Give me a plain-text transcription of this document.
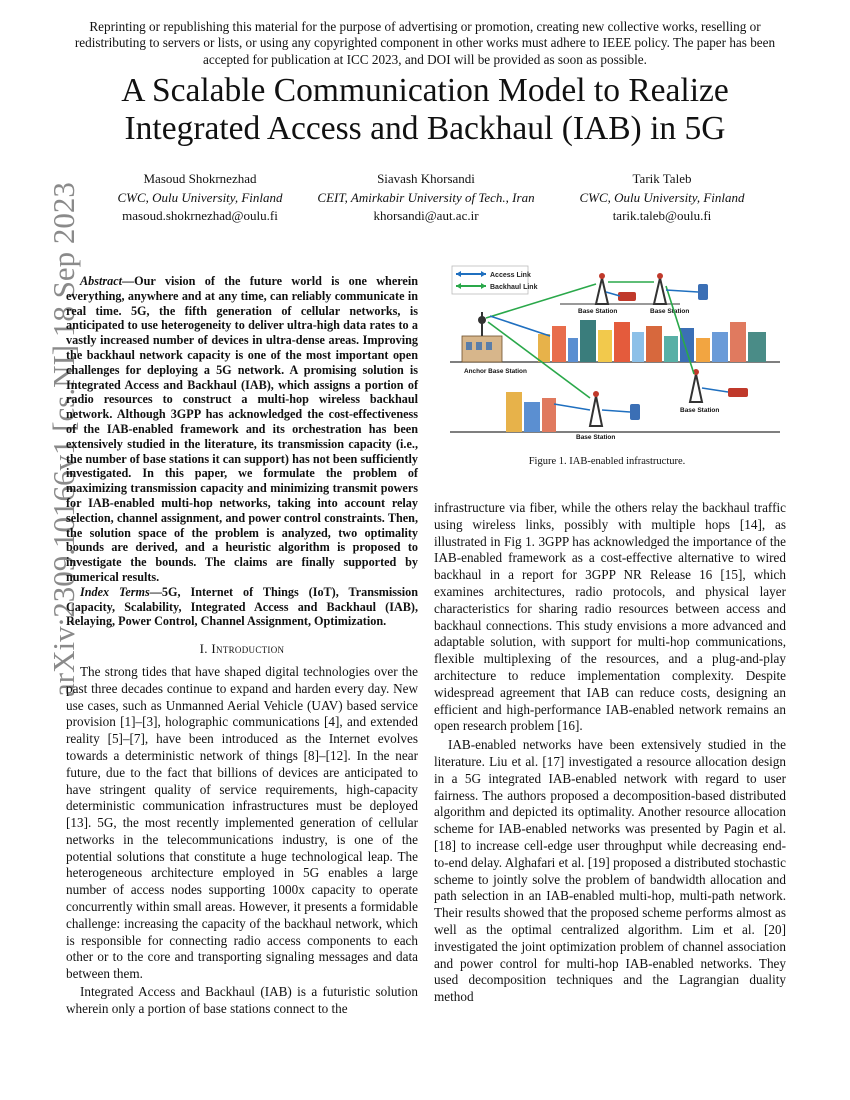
Reprinting or republishing this material for the purpose of advertising or promotion, creating new collective works, reselling or redistributing to servers or lists, or using any copyrighted component in other works must adhere to IEEE policy. The paper has been accepted for publication at ICC 2023, and DOI will be provided as soon as possible.
A Scalable Communication Model to Realize
Integrated Access and Backhaul (IAB) in 5G
Masoud Shokrnezhad
CWC, Oulu University, Finland
masoud.shokrnezhad@oulu.fi
Siavash Khorsandi
CEIT, Amirkabir University of Tech., Iran
khorsandi@aut.ac.ir
Tarik Taleb
CWC, Oulu University, Finland
tarik.taleb@oulu.fi
arXiv:2309.10166v1 [cs.NI] 18 Sep 2023 Abstract—Our vision of the future world is one wherein everything, anywhere and at any time, can reliably communicate in real time. 5G, the fifth generation of cellular networks, is anticipated to use heterogeneity to deliver ultra-high data rates to a vastly increased number of devices in ultra-dense areas. Improving the backhaul network capacity is one of the most important open challenges for deploying a 5G network. A promising solution is Integrated Access and Backhaul (IAB), which assigns a portion of radio resources to construct a multi-hop wireless backhaul network. Although 3GPP has acknowledged the cost-effectiveness of the IAB-enabled framework and its orchestration has been extensively studied in the literature, its transmission capacity (i.e., the number of base stations it can support) has not been sufficiently investigated. In this paper, we formulate the problem of maximizing transmission capacity and minimizing transmit powers for IAB-enabled multi-hop networks, taking into account relay selection, channel assignment, and power control constraints. Then, the solution space of the problem is analyzed, two optimality bounds are derived, and a heuristic algorithm is proposed to investigate the bounds. The claims are finally supported by numerical results.

Index Terms—5G, Internet of Things (IoT), Transmission Capacity, Scalability, Integrated Access and Backhaul (IAB), Relaying, Power Control, Channel Assignment, Optimization.

I. Introduction

The strong tides that have shaped digital technologies over the past three decades continue to expand and harden every day. New use cases, such as Unmanned Aerial Vehicle (UAV) based service provision [1]–[3], holographic communications [4], and extended reality [5]–[7], have been introduced as the Internet evolves towards a deterministic network of things [8]–[12]. In the near future, due to the fact that billions of devices are anticipated to have stringent quality of service requirements, high-capacity deterministic communication infrastructures must be deployed [13]. 5G, the most recently implemented generation of cellular networks in the telecommunications industry, is one of the potential solutions that constitute a huge technological leap. The heterogeneous architecture employed in 5G enables a large number of access nodes supporting 1000x capacity to operate concurrently within small areas. However, it presents a formidable challenge: increasing the capacity of the backhaul network, which is responsible for connecting radio access components to each other or to the core and transporting signaling messages and data between them.

Integrated Access and Backhaul (IAB) is a futuristic solution wherein only a portion of base stations connect to the

Access Link
Backhaul Link
Anchor Base Station
Base Station	Base Station
Base Station
Base Station
Figure 1. IAB-enabled infrastructure.

infrastructure via fiber, while the others relay the backhaul traffic using wireless links, possibly with multiple hops [14], as illustrated in Fig 1. 3GPP has acknowledged the importance of the IAB-enabled framework as a cost-effective alternative to wired backhaul in a report for 3GPP NR Release 16 [15], which examines architectures, radio protocols, and physical layer characteristics for sharing radio resources between access and backhaul connections. This study envisions a more advanced and adaptable solution, with support for multi-hop communications, flexible multiplexing of the resources, and a plug-and-play architecture to reduce implementation complexity. Despite widespread agreement that IAB can reduce costs, designing an efficient and high-performance IAB-enabled network remains an open research problem [16].

IAB-enabled networks have been extensively studied in the literature. Liu et al. [17] investigated a resource allocation design in a 5G integrated IAB-enabled network with regard to user fairness. The authors proposed a decomposition-based distributed algorithm and depicted its optimality. Another resource allocation scheme for IAB-enabled networks was presented by Pagin et al. [18] to increase cell-edge user throughput while decreasing end-to-end delay. Alghafari et al. [19] proposed a distributed stochastic scheme to jointly solve the problem of bandwidth allocation and path selection in an IAB-enabled multi-hop, multi-path network. Their results showed that the proposed scheme performs almost as well as the optimal centralized algorithm. Lim et al. [20] investigated the joint optimization problem of channel association and power control for multi-hop IAB-enabled networks. They used decomposition techniques and the Lagrangian duality method
